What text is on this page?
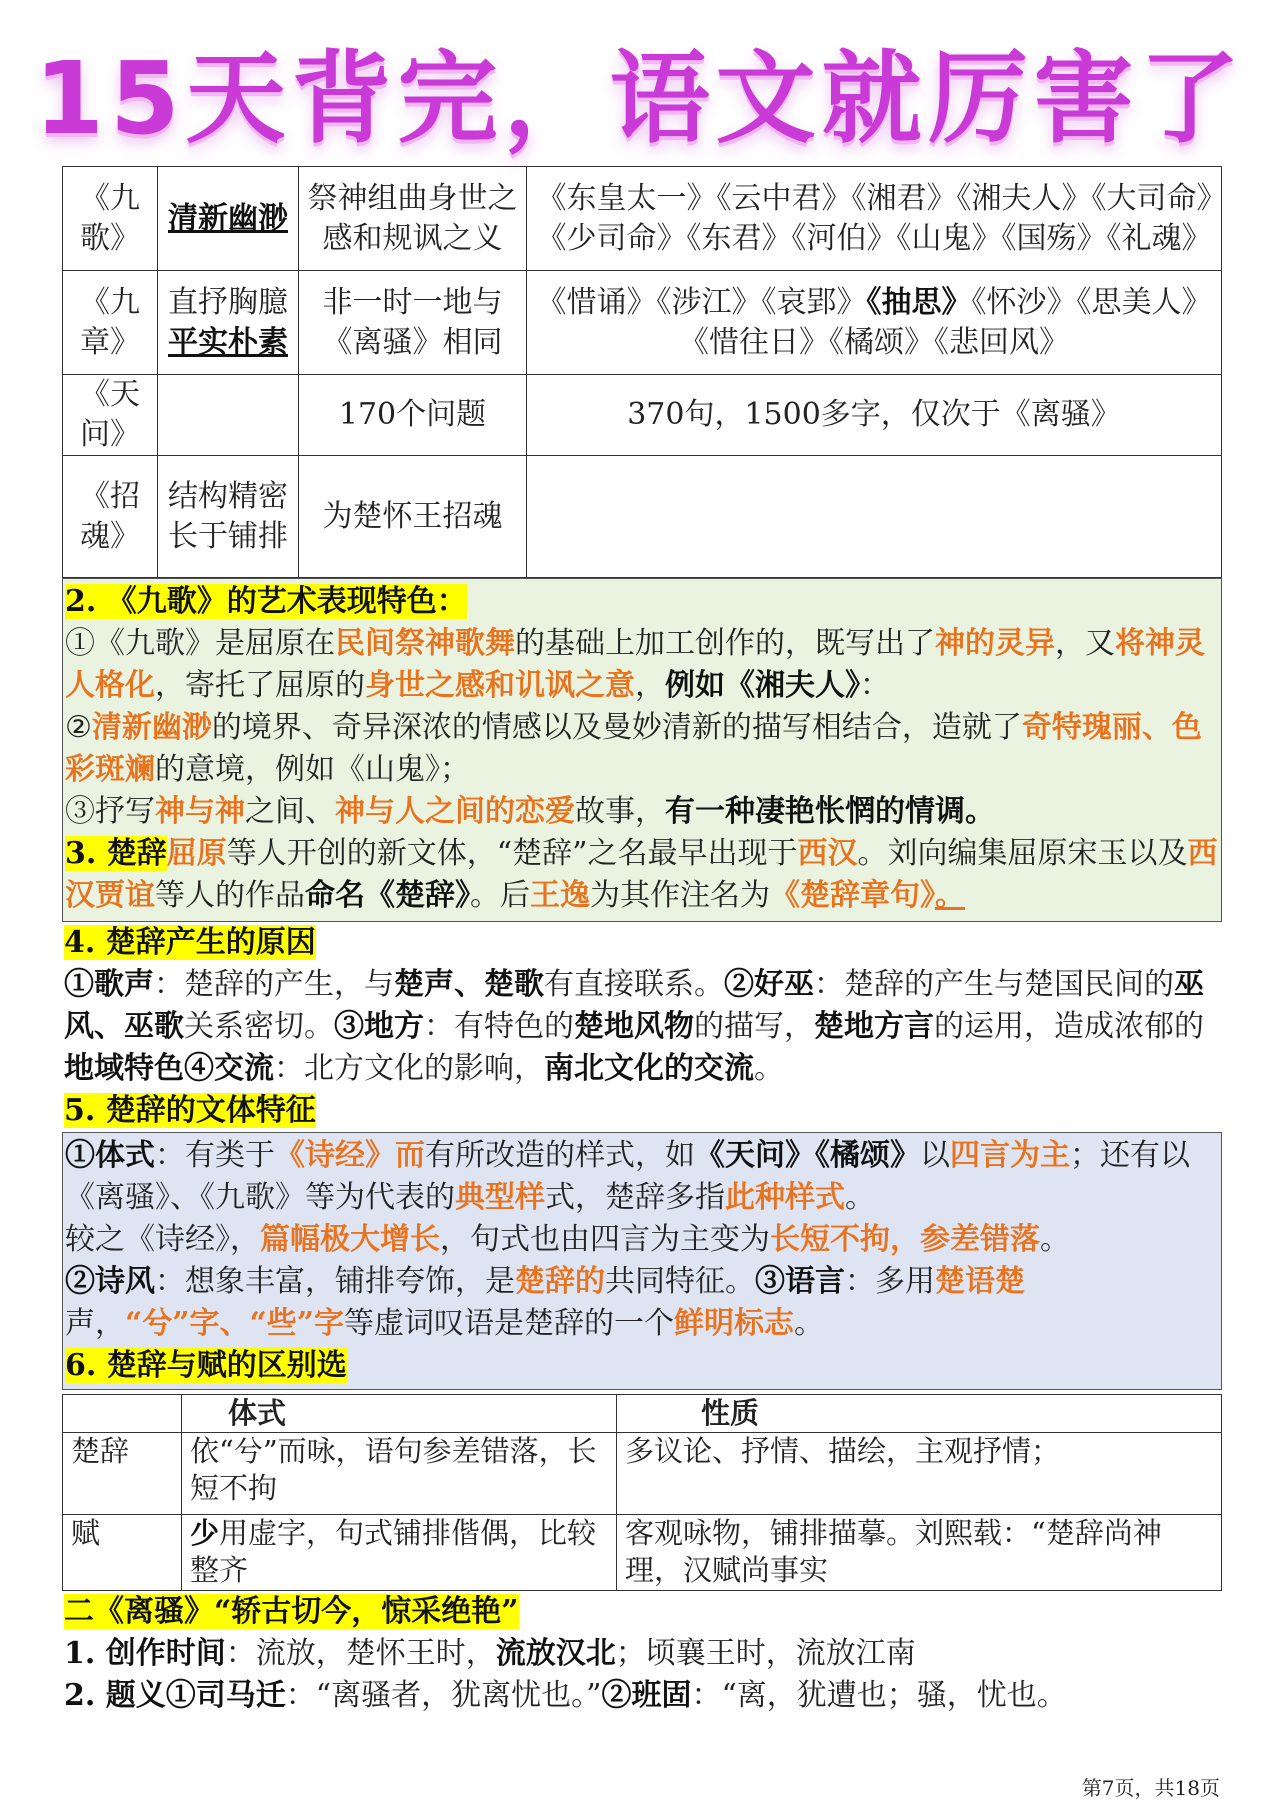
15天背完，语文就厉害了
《九歌》	清新幽渺	祭神组曲身世之感和规讽之义	《东皇太一》《云中君》《湘君》《湘夫人》《大司命》《少司命》《东君》《河伯》《山鬼》《国殇》《礼魂》
《九章》	直抒胸臆平实朴素	非一时一地与《离骚》相同	《惜诵》《涉江》《哀郢》《抽思》《怀沙》《思美人》《惜往日》《橘颂》《悲回风》
《天问》		170个问题	370句，1500多字，仅次于《离骚》
《招魂》	结构精密长于铺排	为楚怀王招魂	

2. 《九歌》的艺术表现特色：

①《九歌》是屈原在民间祭神歌舞的基础上加工创作的，既写出了神的灵异，又将神灵人格化，寄托了屈原的身世之感和讥讽之意，例如《湘夫人》：

②清新幽渺的境界、奇异深浓的情感以及曼妙清新的描写相结合，造就了奇特瑰丽、色彩斑斓的意境，例如《山鬼》；

③抒写神与神之间、神与人之间的恋爱故事，有一种凄艳怅惘的情调。

3. 楚辞屈原等人开创的新文体，“楚辞”之名最早出现于西汉。刘向编集屈原宋玉以及西汉贾谊等人的作品命名《楚辞》。后王逸为其作注名为《楚辞章句》。

4. 楚辞产生的原因

①歌声：楚辞的产生，与楚声、楚歌有直接联系。②好巫：楚辞的产生与楚国民间的巫风、巫歌关系密切。③地方：有特色的楚地风物的描写，楚地方言的运用，造成浓郁的地域特色④交流：北方文化的影响，南北文化的交流。

5. 楚辞的文体特征

①体式：有类于《诗经》而有所改造的样式，如《天问》《橘颂》以四言为主；还有以《离骚》、《九歌》等为代表的典型样式，楚辞多指此种样式。

较之《诗经》，篇幅极大增长，句式也由四言为主变为长短不拘，参差错落。

②诗风：想象丰富，铺排夸饰，是楚辞的共同特征。③语言：多用楚语楚声，“兮”字、“些”字等虚词叹语是楚辞的一个鲜明标志。

6. 楚辞与赋的区别选

	体式	性质
楚辞	依“兮”而咏，语句参差错落，长短不拘	多议论、抒情、描绘，主观抒情；
赋	少用虚字，句式铺排偕偶，比较整齐	客观咏物，铺排描摹。刘熙载：“楚辞尚神理，汉赋尚事实

二《离骚》“轿古切今，惊采绝艳”

1. 创作时间：流放，楚怀王时，流放汉北；顷襄王时，流放江南

2. 题义①司马迁：“离骚者，犹离忧也。”②班固：“离，犹遭也；骚，忧也。

第7页，共18页
